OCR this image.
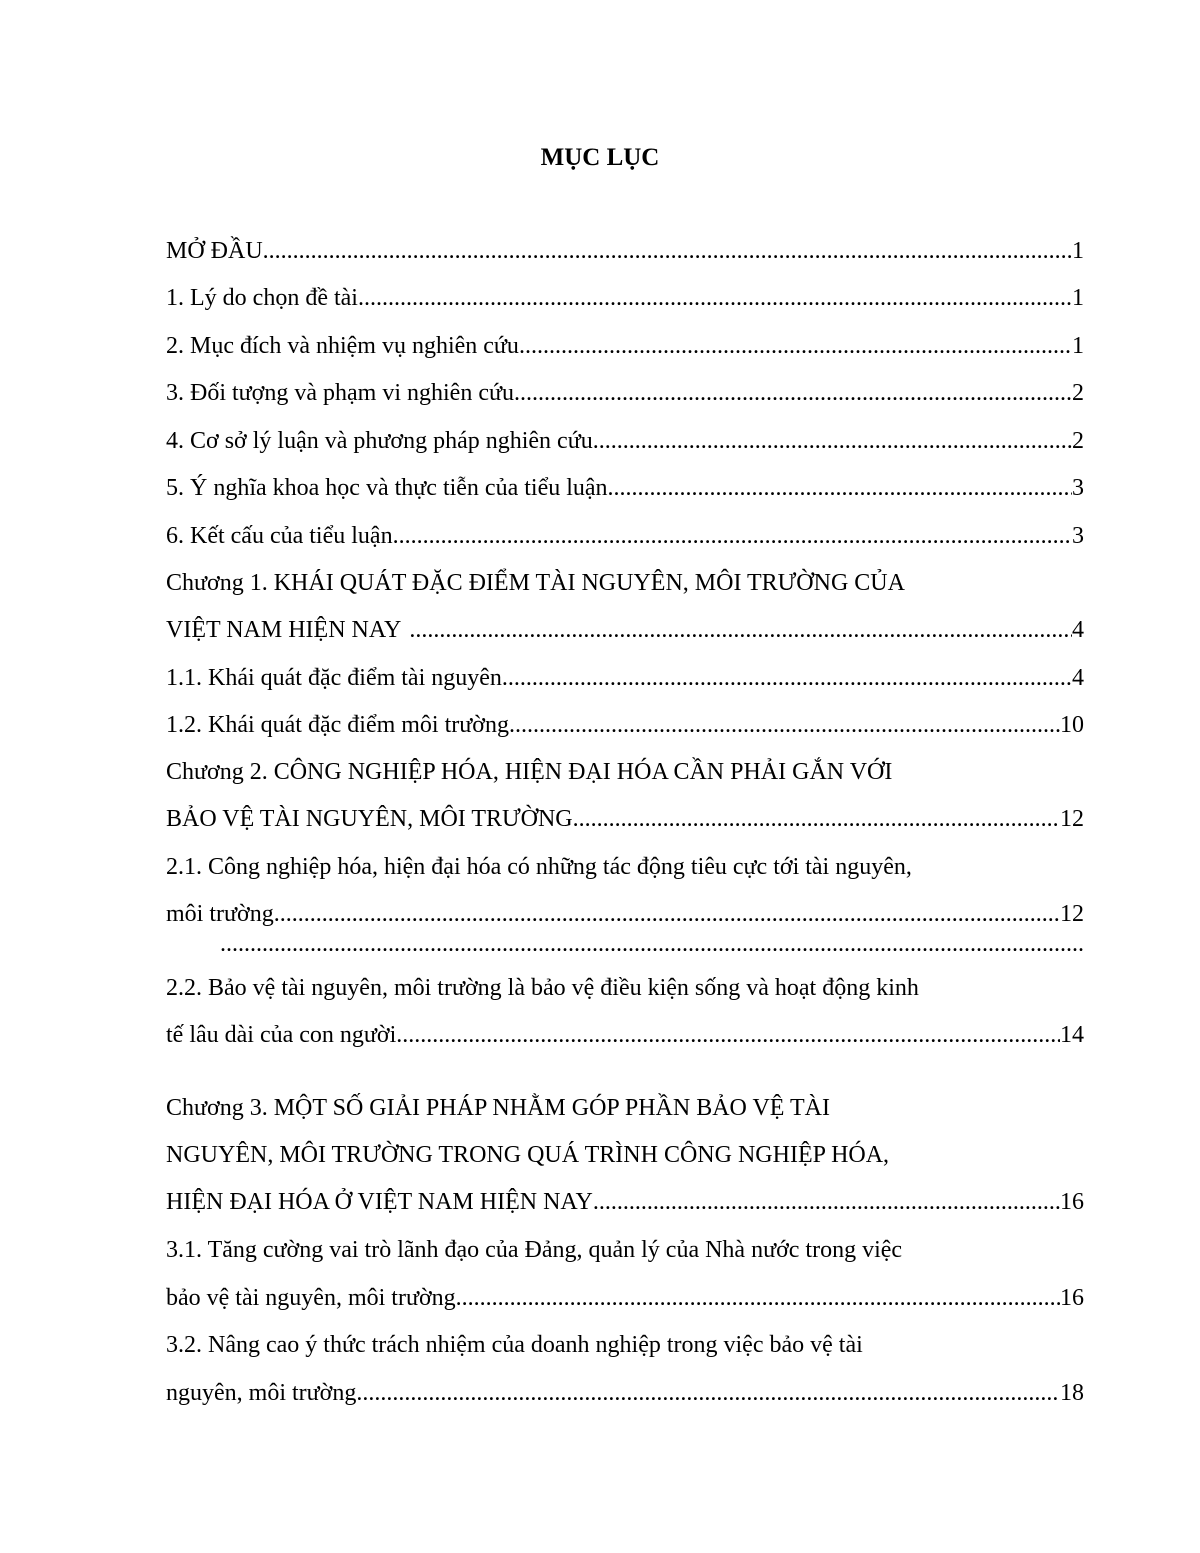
MỤC LỤC
MỞ ĐẦU .....	1
1. Lý do chọn đề tài .....	1
2. Mục đích và nhiệm vụ nghiên cứu .....	1
3. Đối tượng và phạm vi nghiên cứu .....	2
4. Cơ sở lý luận và phương pháp nghiên cứu .....	2
5. Ý nghĩa khoa học và thực tiễn của tiểu luận .....	3
6. Kết cấu của tiểu luận .....	3
Chương 1. KHÁI QUÁT ĐẶC ĐIỂM TÀI NGUYÊN, MÔI TRƯỜNG CỦA
VIỆT NAM HIỆN NAY .....	4
1.1. Khái quát đặc điểm tài nguyên .....	4
1.2. Khái quát đặc điểm môi trường .....	10
Chương 2. CÔNG NGHIỆP HÓA, HIỆN ĐẠI HÓA CẦN PHẢI GẮN VỚI
BẢO VỆ TÀI NGUYÊN, MÔI TRƯỜNG .....	12
2.1. Công nghiệp hóa, hiện đại hóa có những tác động tiêu cực tới tài nguyên,
môi trường .....	12
.....
2.2. Bảo vệ tài nguyên, môi trường là bảo vệ điều kiện sống và hoạt động kinh
tế lâu dài của con người .....	14
Chương 3. MỘT SỐ GIẢI PHÁP NHẰM GÓP PHẦN BẢO VỆ TÀI
NGUYÊN, MÔI TRƯỜNG TRONG QUÁ TRÌNH CÔNG NGHIỆP HÓA,
HIỆN ĐẠI HÓA Ở VIỆT NAM HIỆN NAY .....	16
3.1. Tăng cường vai trò lãnh đạo của Đảng, quản lý của Nhà nước trong việc
bảo vệ tài nguyên, môi trường .....	16
3.2. Nâng cao ý thức trách nhiệm của doanh nghiệp trong việc bảo vệ tài
nguyên, môi trường .....	18
